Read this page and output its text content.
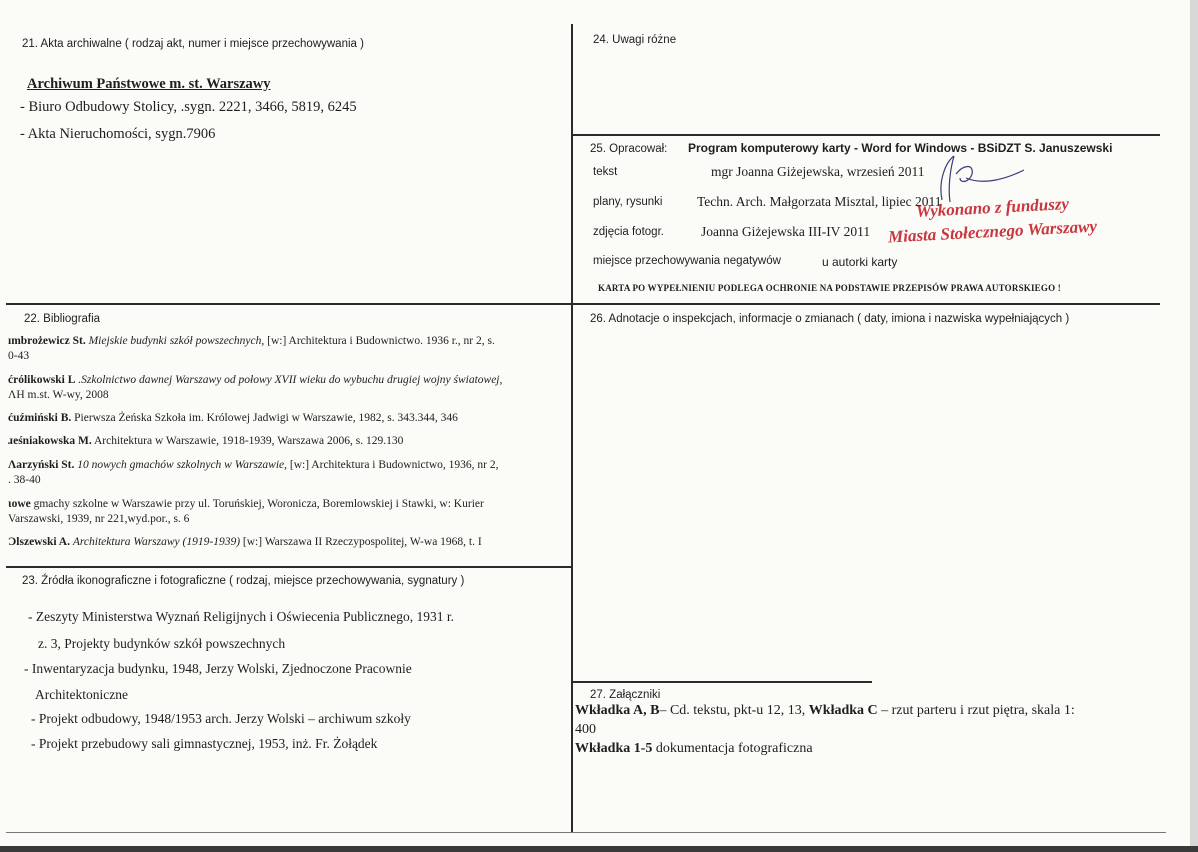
21. Akta archiwalne ( rodzaj akt, numer i miejsce przechowywania )
Archiwum Państwowe m. st. Warszawy
- Biuro Odbudowy Stolicy, .sygn. 2221, 3466, 5819, 6245
- Akta Nieruchomości, sygn.7906
22. Bibliografia
ımbrożewicz St. Miejskie budynki szkół powszechnych, [w:] Architektura i Budownictwo. 1936 r., nr 2, s.
0-43
ćrólikowski L .Szkolnictwo dawnej Warszawy od połowy XVII wieku do wybuchu drugiej wojny światowej,
ΛH m.st. W-wy, 2008
ćuźmiński B. Pierwsza Żeńska Szkoła im. Królowej Jadwigi w Warszawie, 1982, s. 343.344, 346
ɹeśniakowska M. Architektura w Warszawie, 1918-1939, Warszawa 2006, s. 129.130
Λarzyński St. 10 nowych gmachów szkolnych w Warszawie, [w:] Architektura i Budownictwo, 1936, nr 2,
. 38-40
ɩowe gmachy szkolne w Warszawie przy ul. Toruńskiej, Woronicza, Boremlowskiej i Stawki, w: Kurier
Varszawski, 1939, nr 221,wyd.por., s. 6
Ɔlszewski A. Architektura Warszawy (1919-1939) [w:] Warszawa II Rzeczypospolitej, W-wa 1968, t. I
23. Źródła ikonograficzne i fotograficzne ( rodzaj, miejsce przechowywania, sygnatury )
- Zeszyty Ministerstwa Wyznań Religijnych i Oświecenia Publicznego, 1931 r.
z. 3, Projekty budynków szkół powszechnych
- Inwentaryzacja budynku, 1948, Jerzy Wolski, Zjednoczone Pracownie
Architektoniczne
- Projekt odbudowy, 1948/1953 arch. Jerzy Wolski – archiwum szkoły
- Projekt przebudowy sali gimnastycznej, 1953, inż. Fr. Żołądek
24. Uwagi różne
25. Opracował: Program komputerowy karty - Word for Windows - BSiDZT S. Januszewski
tekst	mgr Joanna Giżejewska, wrzesień 2011
plany, rysunki	Techn. Arch. Małgorzata Misztal, lipiec 2011
zdjęcia fotogr.	Joanna Giżejewska III-IV 2011
miejsce przechowywania negatywów	u autorki karty
KARTA PO WYPEŁNIENIU PODLEGA OCHRONIE NA PODSTAWIE PRZEPISÓW PRAWA AUTORSKIEGO !
Wykonano z funduszy
Miasta Stołecznego Warszawy
26. Adnotacje o inspekcjach, informacje o zmianach ( daty, imiona i nazwiska wypełniających )
27. Załączniki
Wkładka A, B– Cd. tekstu, pkt-u 12, 13, Wkładka C – rzut parteru i rzut piętra, skala 1:
400
Wkładka 1-5 dokumentacja fotograficzna
